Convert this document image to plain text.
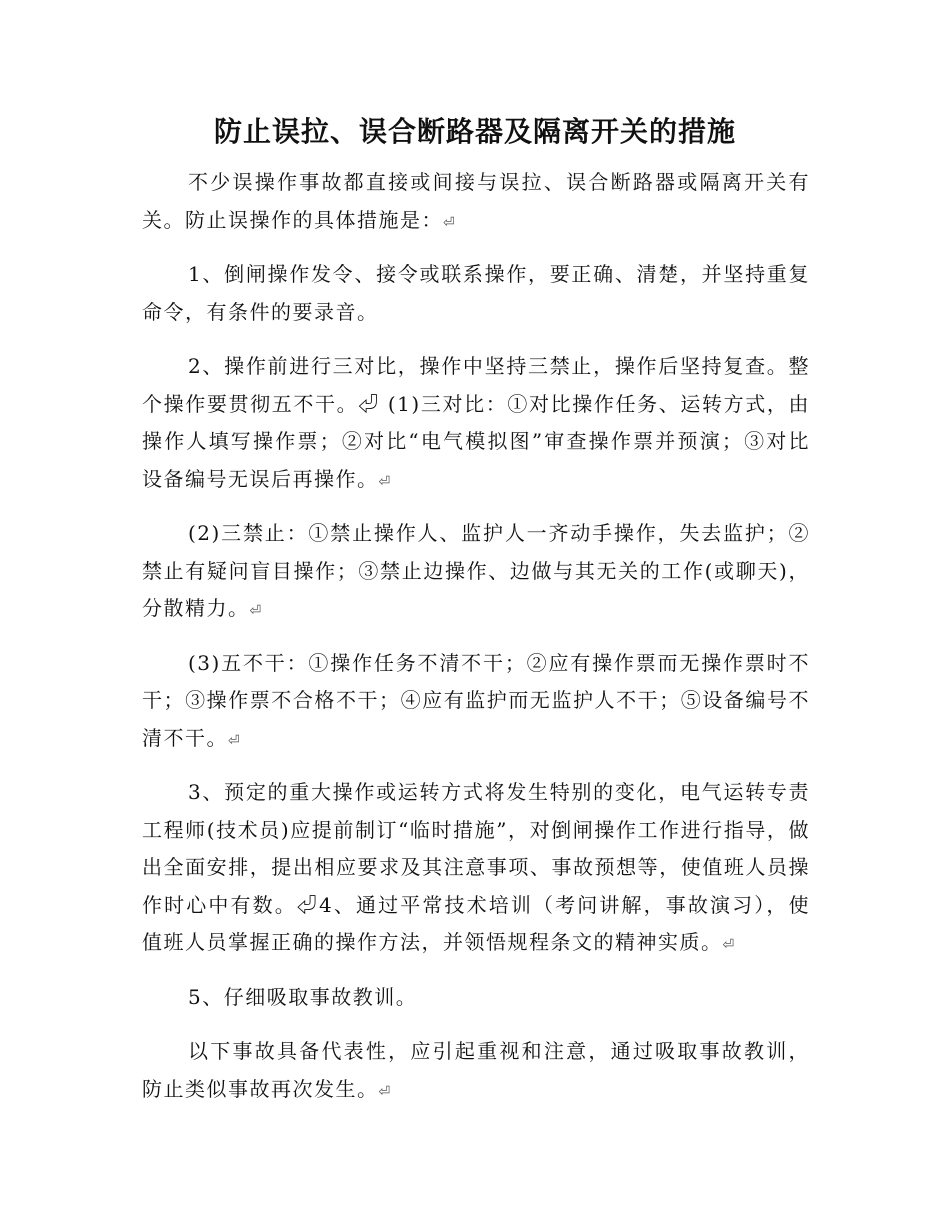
防止误拉、误合断路器及隔离开关的措施

不少误操作事故都直接或间接与误拉、误合断路器或隔离开关有关。防止误操作的具体措施是：⏎

1、倒闸操作发令、接令或联系操作，要正确、清楚，并坚持重复命令，有条件的要录音。

2、操作前进行三对比，操作中坚持三禁止，操作后坚持复查。整个操作要贯彻五不干。⏎ (1)三对比：①对比操作任务、运转方式，由操作人填写操作票；②对比“电气模拟图”审查操作票并预演；③对比设备编号无误后再操作。⏎

(2)三禁止：①禁止操作人、监护人一齐动手操作，失去监护；②禁止有疑问盲目操作；③禁止边操作、边做与其无关的工作(或聊天)，分散精力。⏎

(3)五不干：①操作任务不清不干；②应有操作票而无操作票时不干；③操作票不合格不干；④应有监护而无监护人不干；⑤设备编号不清不干。⏎

3、预定的重大操作或运转方式将发生特别的变化，电气运转专责工程师(技术员)应提前制订“临时措施”，对倒闸操作工作进行指导，做出全面安排，提出相应要求及其注意事项、事故预想等，使值班人员操作时心中有数。⏎4、通过平常技术培训（考问讲解，事故演习），使值班人员掌握正确的操作方法，并领悟规程条文的精神实质。⏎

5、仔细吸取事故教训。

以下事故具备代表性，应引起重视和注意，通过吸取事故教训，防止类似事故再次发生。⏎
